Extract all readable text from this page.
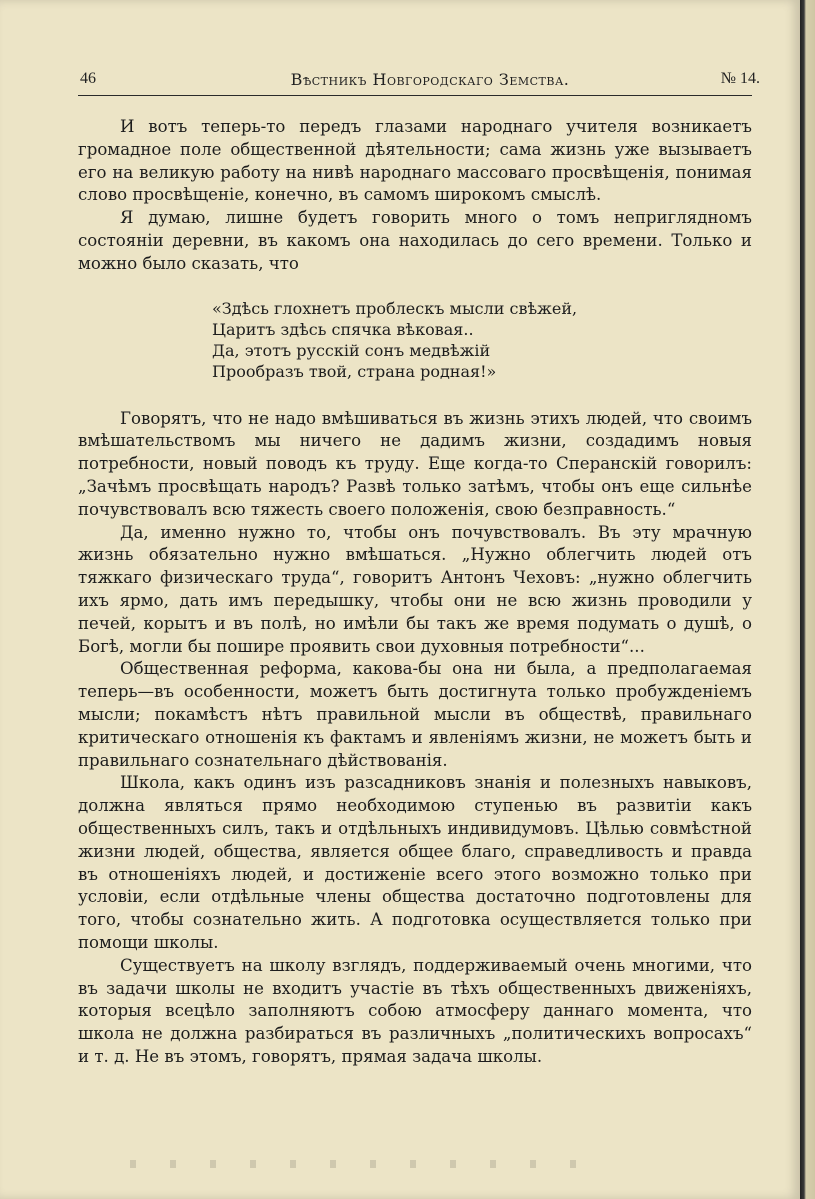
46	Вѣстникъ Новгородскаго Земства.	№ 14.

И вотъ теперь-то передъ глазами народнаго учителя возникаетъ громадное поле общественной дѣятельности; сама жизнь уже вызываетъ его на великую работу на нивѣ народнаго массоваго просвѣщенія, понимая слово просвѣщеніе, конечно, въ самомъ широкомъ смыслѣ.

Я думаю, лишне будетъ говорить много о томъ неприглядномъ состояніи деревни, въ какомъ она находилась до сего времени. Только и можно было сказать, что

«Здѣсь глохнетъ проблескъ мысли свѣжей,
Царитъ здѣсь спячка вѣковая..
Да, этотъ русскій сонъ медвѣжій
Прообразъ твой, страна родная!»

Говорятъ, что не надо вмѣшиваться въ жизнь этихъ людей, что своимъ вмѣшательствомъ мы ничего не дадимъ жизни, создадимъ новыя потребности, новый поводъ къ труду. Еще когда-то Сперанскій говорилъ: „Зачѣмъ просвѣщать народъ? Развѣ только затѣмъ, чтобы онъ еще сильнѣе почувствовалъ всю тяжесть своего положенія, свою безправность.“

Да, именно нужно то, чтобы онъ почувствовалъ. Въ эту мрачную жизнь обязательно нужно вмѣшаться. „Нужно облегчить людей отъ тяжкаго физическаго труда“, говоритъ Антонъ Чеховъ: „нужно облегчить ихъ ярмо, дать имъ передышку, чтобы они не всю жизнь проводили у печей, корытъ и въ полѣ, но имѣли бы такъ же время подумать о душѣ, о Богѣ, могли бы пошире проявить свои духовныя потребности“...

Общественная реформа, какова-бы она ни была, а предполагаемая теперь—въ особенности, можетъ быть достигнута только пробужденіемъ мысли; покамѣстъ нѣтъ правильной мысли въ обществѣ, правильнаго критическаго отношенія къ фактамъ и явленіямъ жизни, не можетъ быть и правильнаго сознательнаго дѣйствованія.

Школа, какъ одинъ изъ разсадниковъ знанія и полезныхъ навыковъ, должна являться прямо необходимою ступенью въ развитіи какъ общественныхъ силъ, такъ и отдѣльныхъ индивидумовъ. Цѣлью совмѣстной жизни людей, общества, является общее благо, справедливость и правда въ отношеніяхъ людей, и достиженіе всего этого возможно только при условіи, если отдѣльные члены общества достаточно подготовлены для того, чтобы сознательно жить. А подготовка осуществляется только при помощи школы.

Существуетъ на школу взглядъ, поддерживаемый очень многими, что въ задачи школы не входитъ участіе въ тѣхъ общественныхъ движеніяхъ, которыя всецѣло заполняютъ собою атмосферу даннаго момента, что школа не должна разбираться въ различныхъ „политическихъ вопросахъ“ и т. д. Не въ этомъ, говорятъ, прямая задача школы.
